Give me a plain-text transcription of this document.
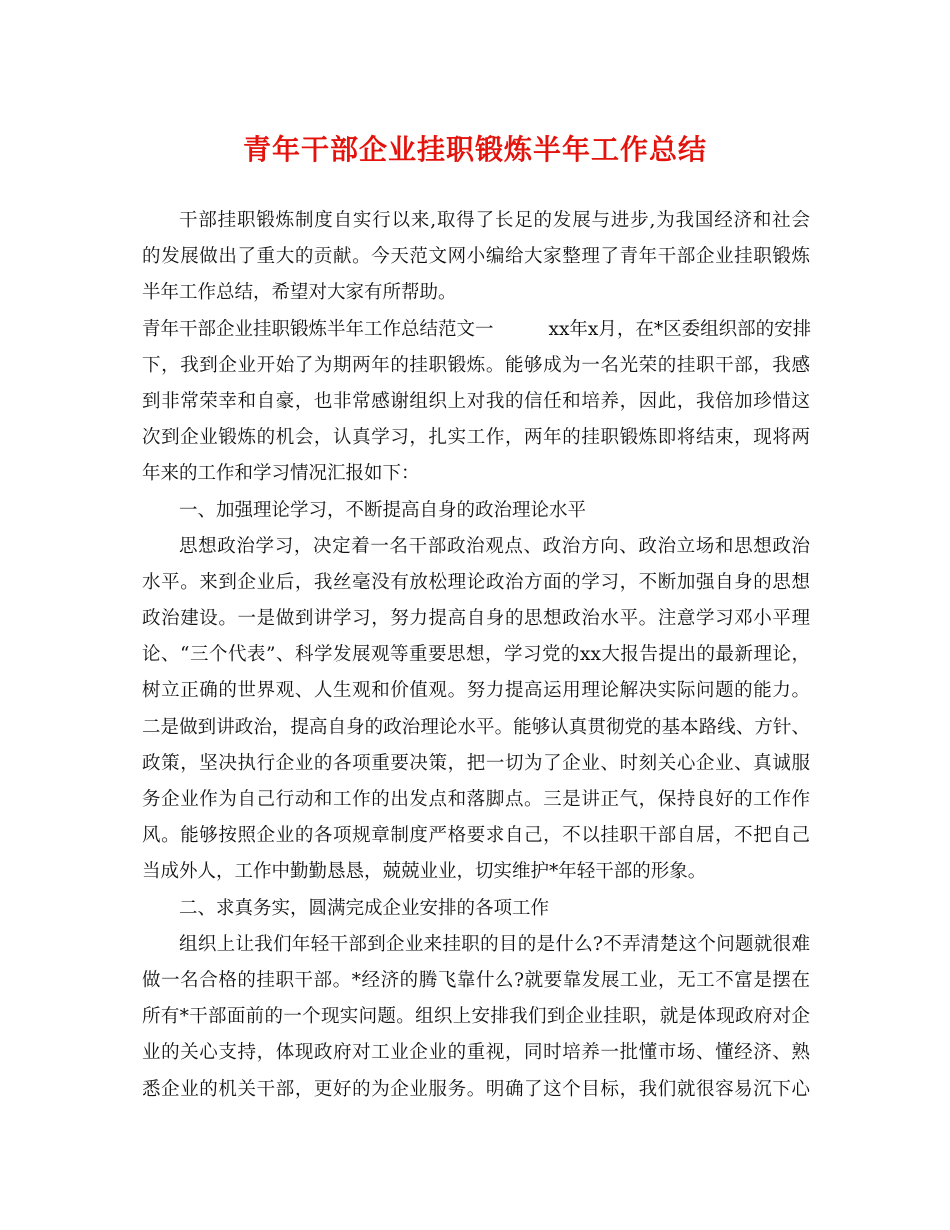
青年干部企业挂职锻炼半年工作总结
干部挂职锻炼制度自实行以来,取得了长足的发展与进步,为我国经济和社会
的发展做出了重大的贡献。今天范文网小编给大家整理了青年干部企业挂职锻炼
半年工作总结，希望对大家有所帮助。
青年干部企业挂职锻炼半年工作总结范文一	xx年x月，在*区委组织部的安排
下，我到企业开始了为期两年的挂职锻炼。能够成为一名光荣的挂职干部，我感
到非常荣幸和自豪，也非常感谢组织上对我的信任和培养，因此，我倍加珍惜这
次到企业锻炼的机会，认真学习，扎实工作，两年的挂职锻炼即将结束，现将两
年来的工作和学习情况汇报如下：
一、加强理论学习，不断提高自身的政治理论水平
思想政治学习，决定着一名干部政治观点、政治方向、政治立场和思想政治
水平。来到企业后，我丝毫没有放松理论政治方面的学习，不断加强自身的思想
政治建设。一是做到讲学习，努力提高自身的思想政治水平。注意学习邓小平理
论、“三个代表”、科学发展观等重要思想，学习党的xx大报告提出的最新理论，
树立正确的世界观、人生观和价值观。努力提高运用理论解决实际问题的能力。
二是做到讲政治，提高自身的政治理论水平。能够认真贯彻党的基本路线、方针、
政策，坚决执行企业的各项重要决策，把一切为了企业、时刻关心企业、真诚服
务企业作为自己行动和工作的出发点和落脚点。三是讲正气，保持良好的工作作
风。能够按照企业的各项规章制度严格要求自己，不以挂职干部自居，不把自己
当成外人，工作中勤勤恳恳，兢兢业业，切实维护*年轻干部的形象。
二、求真务实，圆满完成企业安排的各项工作
组织上让我们年轻干部到企业来挂职的目的是什么?不弄清楚这个问题就很难
做一名合格的挂职干部。*经济的腾飞靠什么?就要靠发展工业，无工不富是摆在
所有*干部面前的一个现实问题。组织上安排我们到企业挂职，就是体现政府对企
业的关心支持，体现政府对工业企业的重视，同时培养一批懂市场、懂经济、熟
悉企业的机关干部，更好的为企业服务。明确了这个目标，我们就很容易沉下心
